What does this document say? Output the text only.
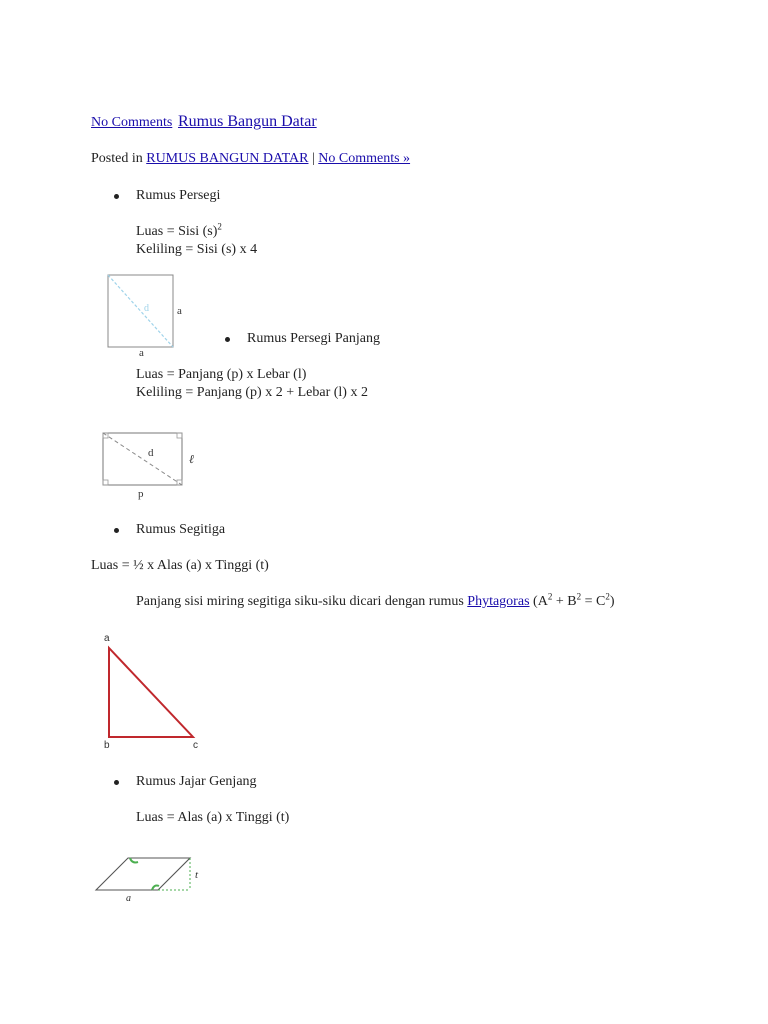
No Comments Rumus Bangun Datar
Posted in RUMUS BANGUN DATAR | No Comments »
Rumus Persegi
Luas = Sisi $(s)^2$
Keliling = Sisi (s) x 4
d	a
a
Rumus Persegi Panjang
Luas = Panjang (p) x Lebar (l)
Keliling = Panjang (p) x 2 + Lebar (l) x 2
d	ℓ
p
Rumus Segitiga
Luas = ½ x Alas (a) x Tinggi (t)
Panjang sisi miring segitiga siku-siku dicari dengan rumus Phytagoras $(A^2 + B^2 = C^2)$
a
b	c
Rumus Jajar Genjang
Luas = Alas (a) x Tinggi (t)
t
a
